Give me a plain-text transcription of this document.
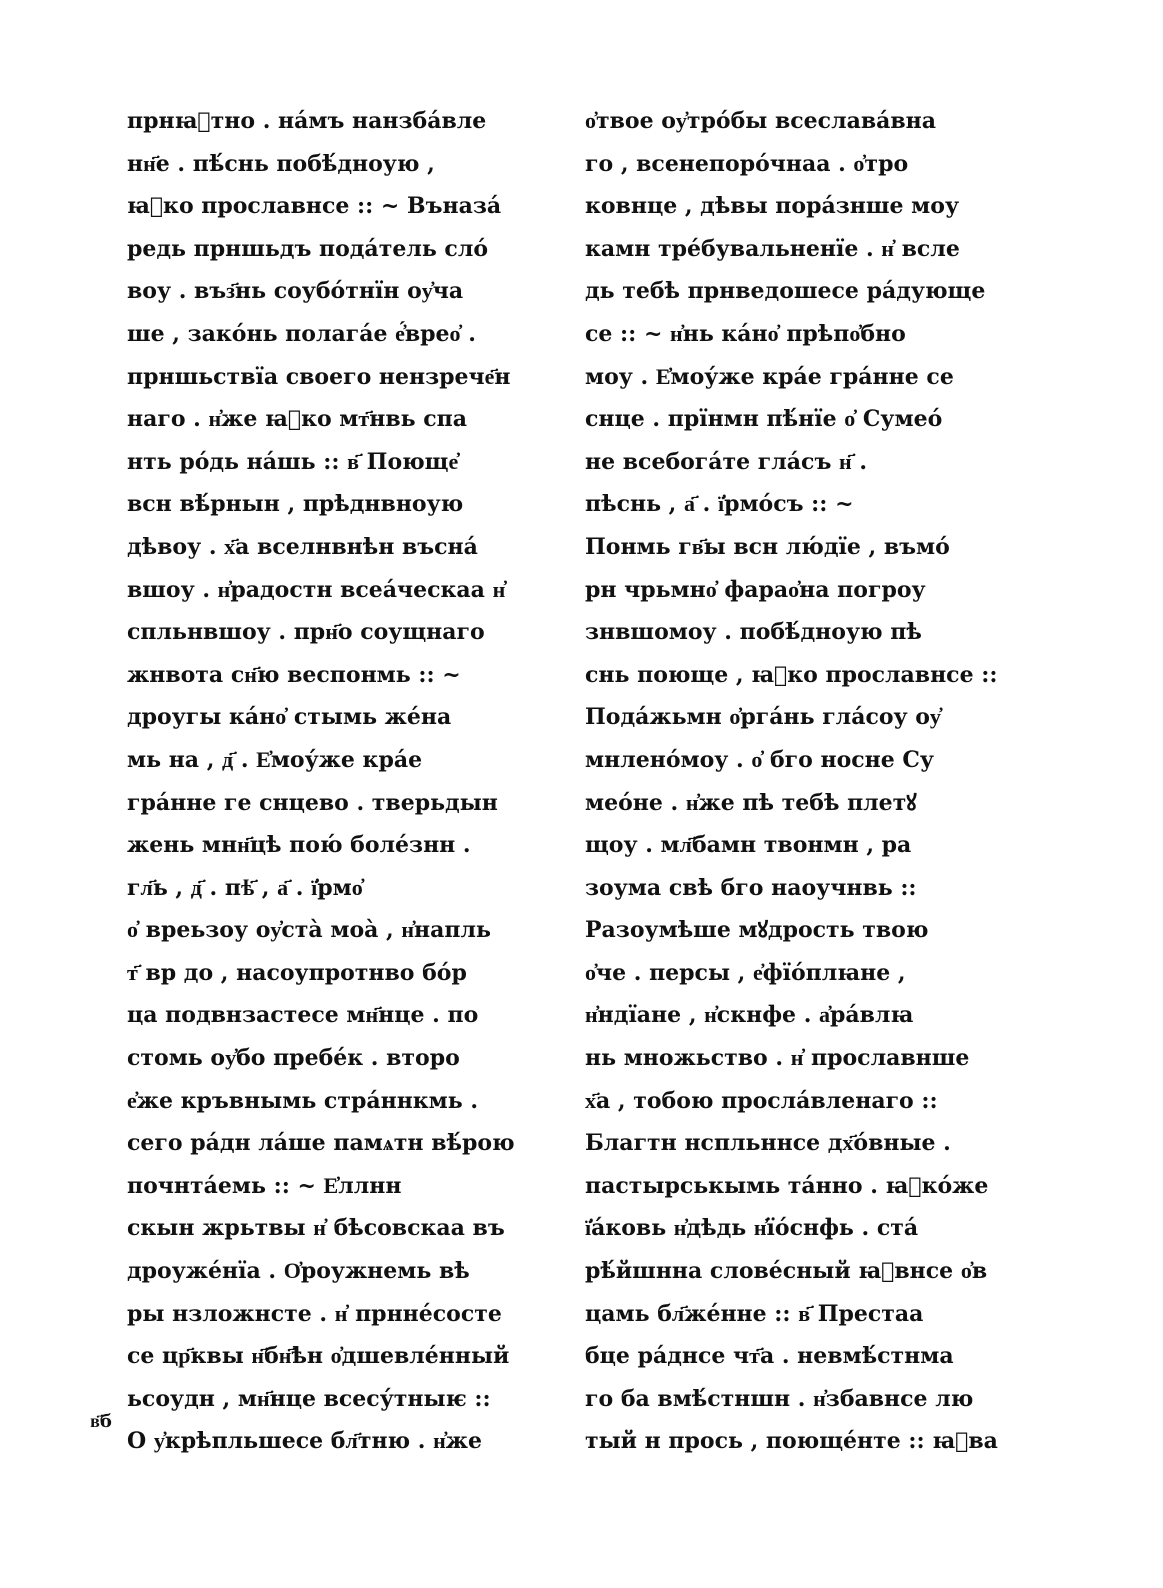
в҃б
прнꙗ҆тно . на́мъ нанзба́вле
нн҃е . пѣ́снь побѣ́дноую ,
ꙗ҆ко прославнсе :: ~ Въназа́
редь прншьдъ пода́тель сло́
воу . въз҃нь соубо́тнїн оу҆ча
ше , зако́нь полага́е е҆́врео҆ .
прншьствїа своего нензрече҃н
наго . н҆же ꙗ҆ко мт҃нвь спа
нть ро́дь на́шь :: в҃ Поюще҆
всн вѣ́рнын , прѣднвноую
дѣвоу . х҃а вселнвнѣн въсна́
вшоу . н҆радостн всеа́ческаа н҆
спльнвшоу . прн҃о соущнаго
жнвота сн҃ю веспонмь :: ~
дроугы ка́но҆ стымь же́на
мь на , д҃ . Е҆моу́же кра́е
гра́нне ге снцево . тверьдын
жень мнн҃цѣ пою́ боле́знн .
гл҃ь , д҃ . пѣ҃ , а҃ . ї҆рмо҆
о҆ вреьзоу оу҆ста̀ моа̀ , н҆напль
т҃ вр до , насоупротнво бо́р
ца подвнзастесе мн҃нце . по
стомь оу҆бо пребе́к . второ
е҆же кръвнымь стра́ннкмь .
сего ра́дн ла́ше памѧтн вѣ́рою
почнта́емь :: ~ Е҆ллнн
скын жрьтвы н҆ бѣсовскаа въ
дроуже́нїа . О҆роужнемь вѣ
ры нзложнсте . н҆ прнне́состе
се цр҃квы н҃бн҃ѣн о҆дшевле́нный
ьсоудн , мн҃нце всесу́тныѥ ::
О у҆крѣпльшесе бл҃тню . н҆же
о҆твое оу҆тро́бы всеслава́вна
го , всенепоро́чнаа . о҆тро
ковнце , дѣвы пора́знше моу
камн тре́бувальненїе . н҆ всле
дь тебѣ прнведошесе ра́дующе
се :: ~ н҆нь ка́но҆ прѣпо҆бно
моу . Е҆моу́же кра́е гра́нне се
снце . прїнмн пѣ́нїе о҆ Сумео́
не всебога́те гла́съ н҃ .
пѣснь , а҃ . ї҆рмо́съ :: ~
Понмь гв҃ы всн лю́дїе , въмо́
рн чрьмно҆ фарао҆на погроу
знвшомоу . побѣ́дноую пѣ
снь поюще , ꙗ҆ко прославнсе ::
Пода́жьмн о҆рга́нь гла́соу оу҆
мнлено́моу . о҆ бго носне Су
мео́не . н҆же пѣ тебѣ плетꙋ
щоу . мл҃бамн твонмн , ра
зоума свѣ бго наоучнвь ::
Разоумѣше мꙋдрость твою
о҆че . персы , е҆фїо́плꙗне ,
н҆ндїане , н҆скнфе . а҆ра́влꙗ
нь множьство . н҆ прославнше
х҃а , тобою просла́вленаго ::
Благтн нспльннсе дх҃о́вные .
пастырськымь та́нно . ꙗ҆ко́же
ї҆а́ковь н҆дѣдь н҆їо́снфь . ста́
рѣ́йшнна слове́сный ꙗ҆внсе о҆в
цамь бл҃же́нне :: в҃ Престаа
бце ра́днсе чт҃а . невмѣ́стнма
го ба вмѣ́стншн . н҆збавнсе лю
тый н прось , поюще́нте :: ꙗ҆ва
